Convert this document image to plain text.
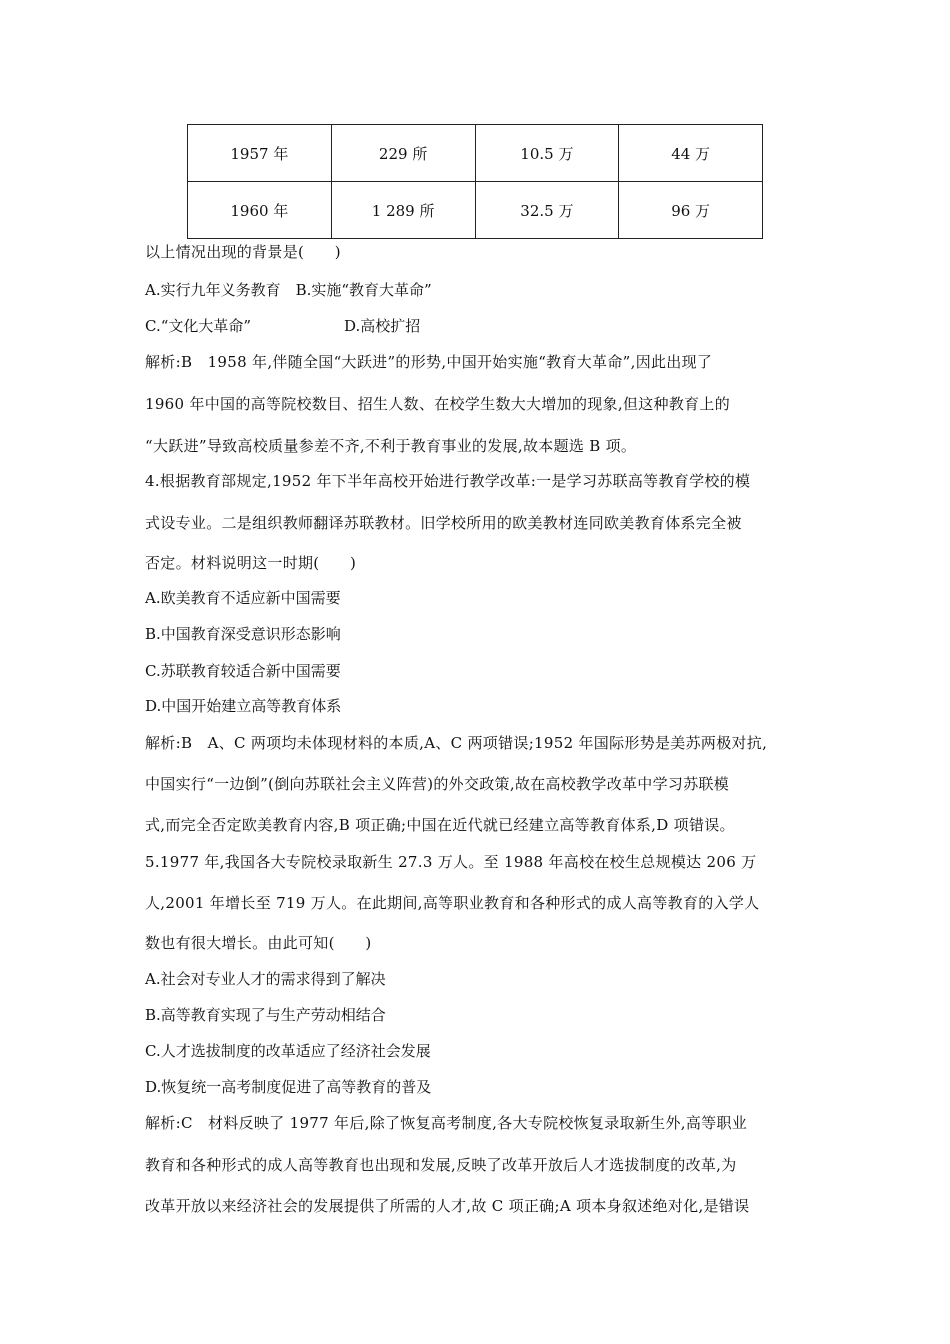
1957 年	229 所	10.5 万	44 万
1960 年	1 289 所	32.5 万	96 万
以上情况出现的背景是(　　)
A.实行九年义务教育　B.实施“教育大革命”
C.“文化大革命”	D.高校扩招
解析:B　1958 年,伴随全国“大跃进”的形势,中国开始实施“教育大革命”,因此出现了
1960 年中国的高等院校数目、招生人数、在校学生数大大增加的现象,但这种教育上的
“大跃进”导致高校质量参差不齐,不利于教育事业的发展,故本题选 B 项。
4.根据教育部规定,1952 年下半年高校开始进行教学改革:一是学习苏联高等教育学校的模
式设专业。二是组织教师翻译苏联教材。旧学校所用的欧美教材连同欧美教育体系完全被
否定。材料说明这一时期(　　)
A.欧美教育不适应新中国需要
B.中国教育深受意识形态影响
C.苏联教育较适合新中国需要
D.中国开始建立高等教育体系
解析:B　A、C 两项均未体现材料的本质,A、C 两项错误;1952 年国际形势是美苏两极对抗,
中国实行“一边倒”(倒向苏联社会主义阵营)的外交政策,故在高校教学改革中学习苏联模
式,而完全否定欧美教育内容,B 项正确;中国在近代就已经建立高等教育体系,D 项错误。
5.1977 年,我国各大专院校录取新生 27.3 万人。至 1988 年高校在校生总规模达 206 万
人,2001 年增长至 719 万人。在此期间,高等职业教育和各种形式的成人高等教育的入学人
数也有很大增长。由此可知(　　)
A.社会对专业人才的需求得到了解决
B.高等教育实现了与生产劳动相结合
C.人才选拔制度的改革适应了经济社会发展
D.恢复统一高考制度促进了高等教育的普及
解析:C　材料反映了 1977 年后,除了恢复高考制度,各大专院校恢复录取新生外,高等职业
教育和各种形式的成人高等教育也出现和发展,反映了改革开放后人才选拔制度的改革,为
改革开放以来经济社会的发展提供了所需的人才,故 C 项正确;A 项本身叙述绝对化,是错误
